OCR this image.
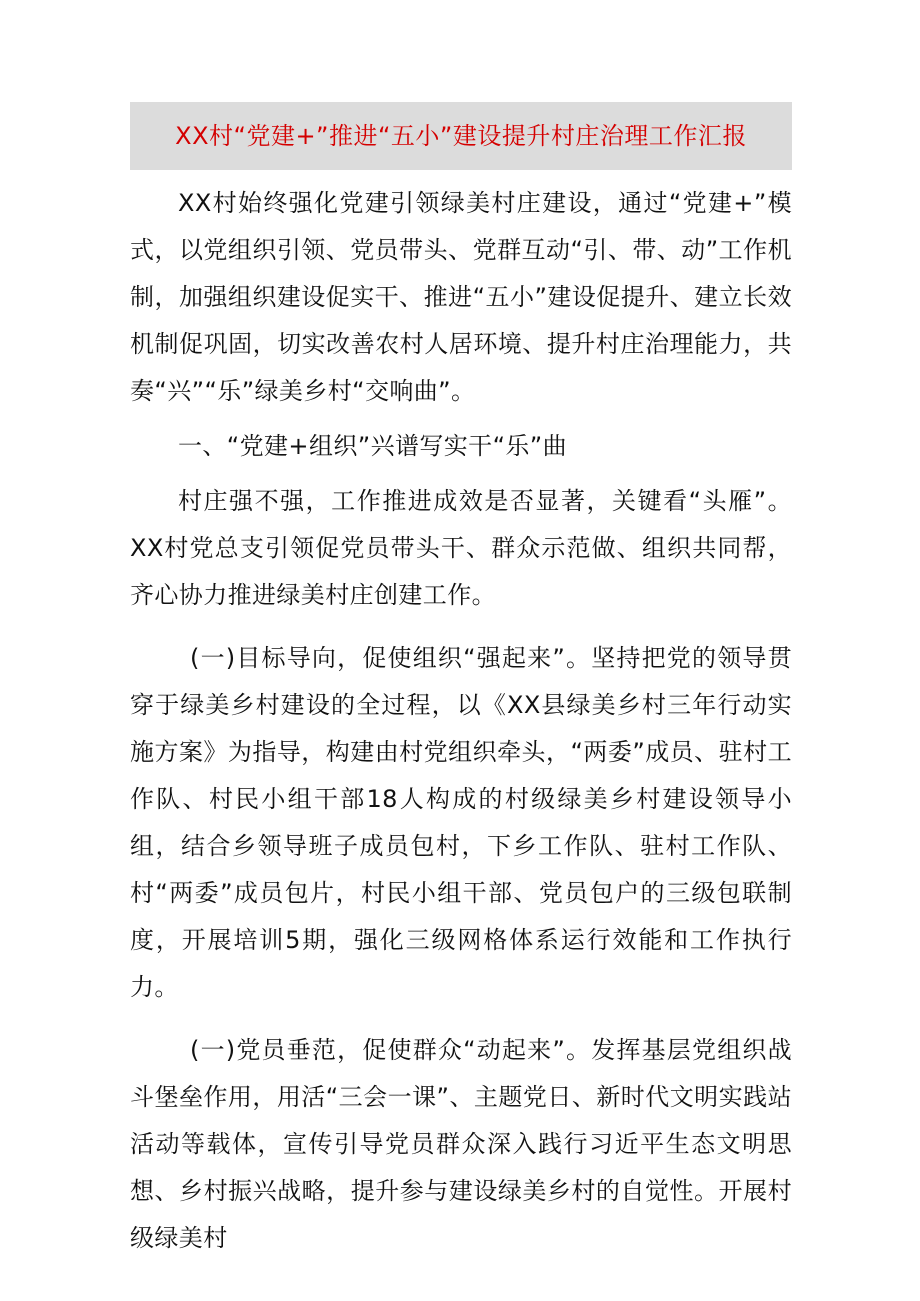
XX村“党建+”推进“五小”建设提升村庄治理工作汇报

XX村始终强化党建引领绿美村庄建设，通过“党建+”模式，以党组织引领、党员带头、党群互动“引、带、动”工作机制，加强组织建设促实干、推进“五小”建设促提升、建立长效机制促巩固，切实改善农村人居环境、提升村庄治理能力，共奏“兴”“乐”绿美乡村“交响曲”。

一、“党建+组织”兴谱写实干“乐”曲

村庄强不强，工作推进成效是否显著，关键看“头雁”。XX村党总支引领促党员带头干、群众示范做、组织共同帮，齐心协力推进绿美村庄创建工作。

(一)目标导向，促使组织“强起来”。坚持把党的领导贯穿于绿美乡村建设的全过程，以《XX县绿美乡村三年行动实施方案》为指导，构建由村党组织牵头，“两委”成员、驻村工作队、村民小组干部18人构成的村级绿美乡村建设领导小组，结合乡领导班子成员包村，下乡工作队、驻村工作队、村“两委”成员包片，村民小组干部、党员包户的三级包联制度，开展培训5期，强化三级网格体系运行效能和工作执行力。

(一)党员垂范，促使群众“动起来”。发挥基层党组织战斗堡垒作用，用活“三会一课”、主题党日、新时代文明实践站活动等载体，宣传引导党员群众深入践行习近平生态文明思想、乡村振兴战略，提升参与建设绿美乡村的自觉性。开展村级绿美村
